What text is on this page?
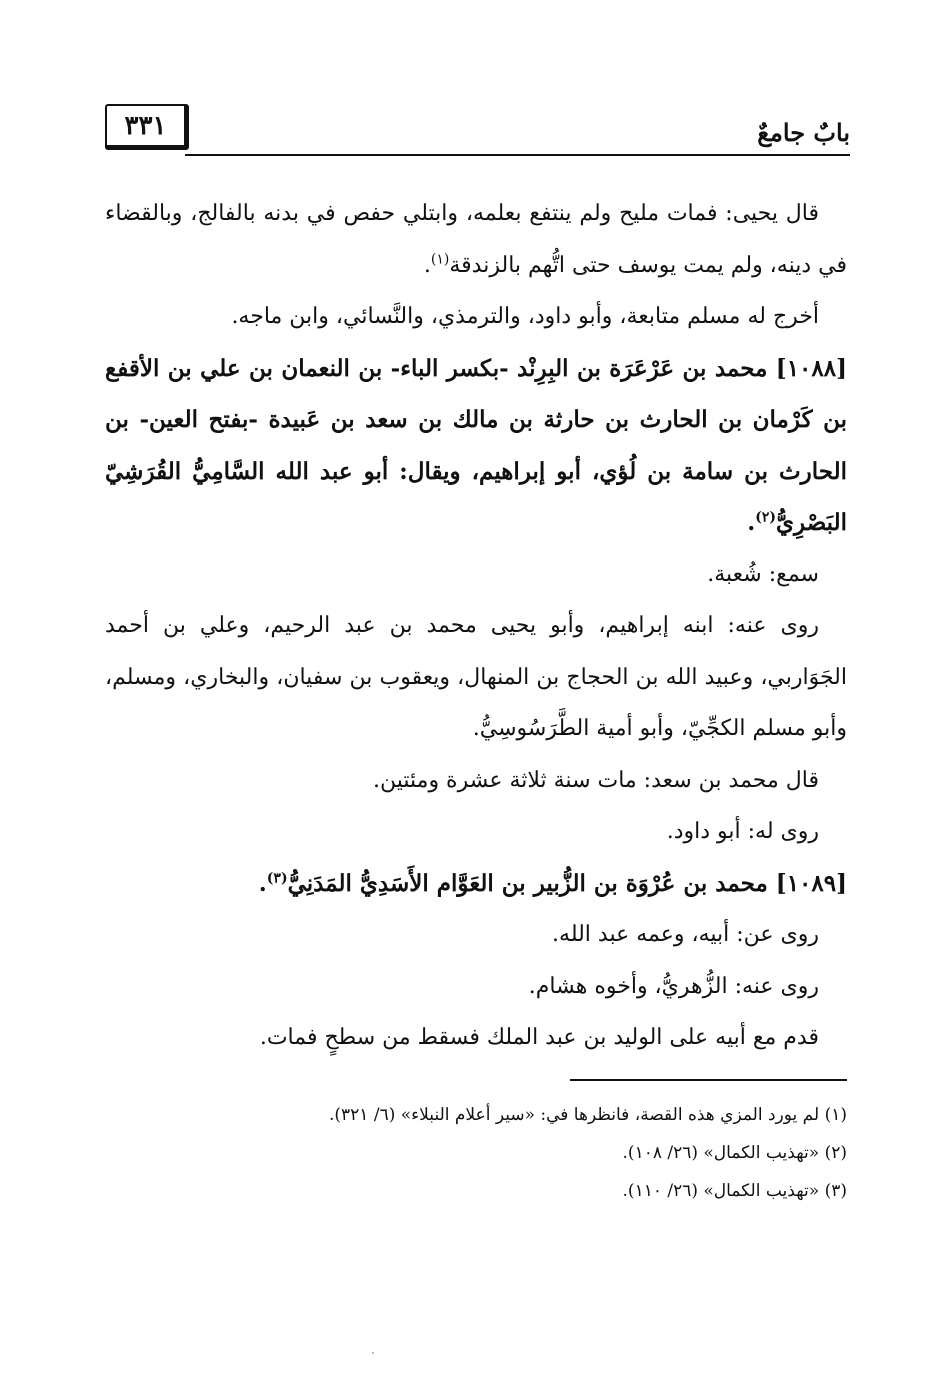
٣٣١	بابٌ جامعٌ

قال يحيى: فمات مليح ولم ينتفع بعلمه، وابتلي حفص في بدنه بالفالج، وبالقضاء في دينه، ولم يمت يوسف حتى اتُّهم بالزندقة$^{(١)}$.

أخرج له مسلم متابعة، وأبو داود، والترمذي، والنَّسائي، وابن ماجه.

[١٠٨٨] محمد بن عَرْعَرَة بن البِرِنْد -بكسر الباء- بن النعمان بن علي بن الأقفع بن كَرْمان بن الحارث بن حارثة بن مالك بن سعد بن عَبيدة -بفتح العين- بن الحارث بن سامة بن لُؤي، أبو إبراهيم، ويقال: أبو عبد الله السَّامِيُّ القُرَشِيّ البَصْرِيُّ$^{(٢)}$.

سمع: شُعبة.

روى عنه: ابنه إبراهيم، وأبو يحيى محمد بن عبد الرحيم، وعلي بن أحمد الجَوَاربي، وعبيد الله بن الحجاج بن المنهال، ويعقوب بن سفيان، والبخاري، ومسلم، وأبو مسلم الكجِّيّ، وأبو أمية الطَّرَسُوسِيُّ.

قال محمد بن سعد: مات سنة ثلاثة عشرة ومئتين.

روى له: أبو داود.

[١٠٨٩] محمد بن عُرْوَة بن الزُّبير بن العَوَّام الأَسَدِيُّ المَدَنِيُّ$^{(٣)}$.

روى عن: أبيه، وعمه عبد الله.

روى عنه: الزُّهريُّ، وأخوه هشام.

قدم مع أبيه على الوليد بن عبد الملك فسقط من سطحٍ فمات.

(١) لم يورد المزي هذه القصة، فانظرها في: «سير أعلام النبلاء» (٦/ ٣٢١).

(٢) «تهذيب الكمال» (٢٦/ ١٠٨).

(٣) «تهذيب الكمال» (٢٦/ ١١٠).
